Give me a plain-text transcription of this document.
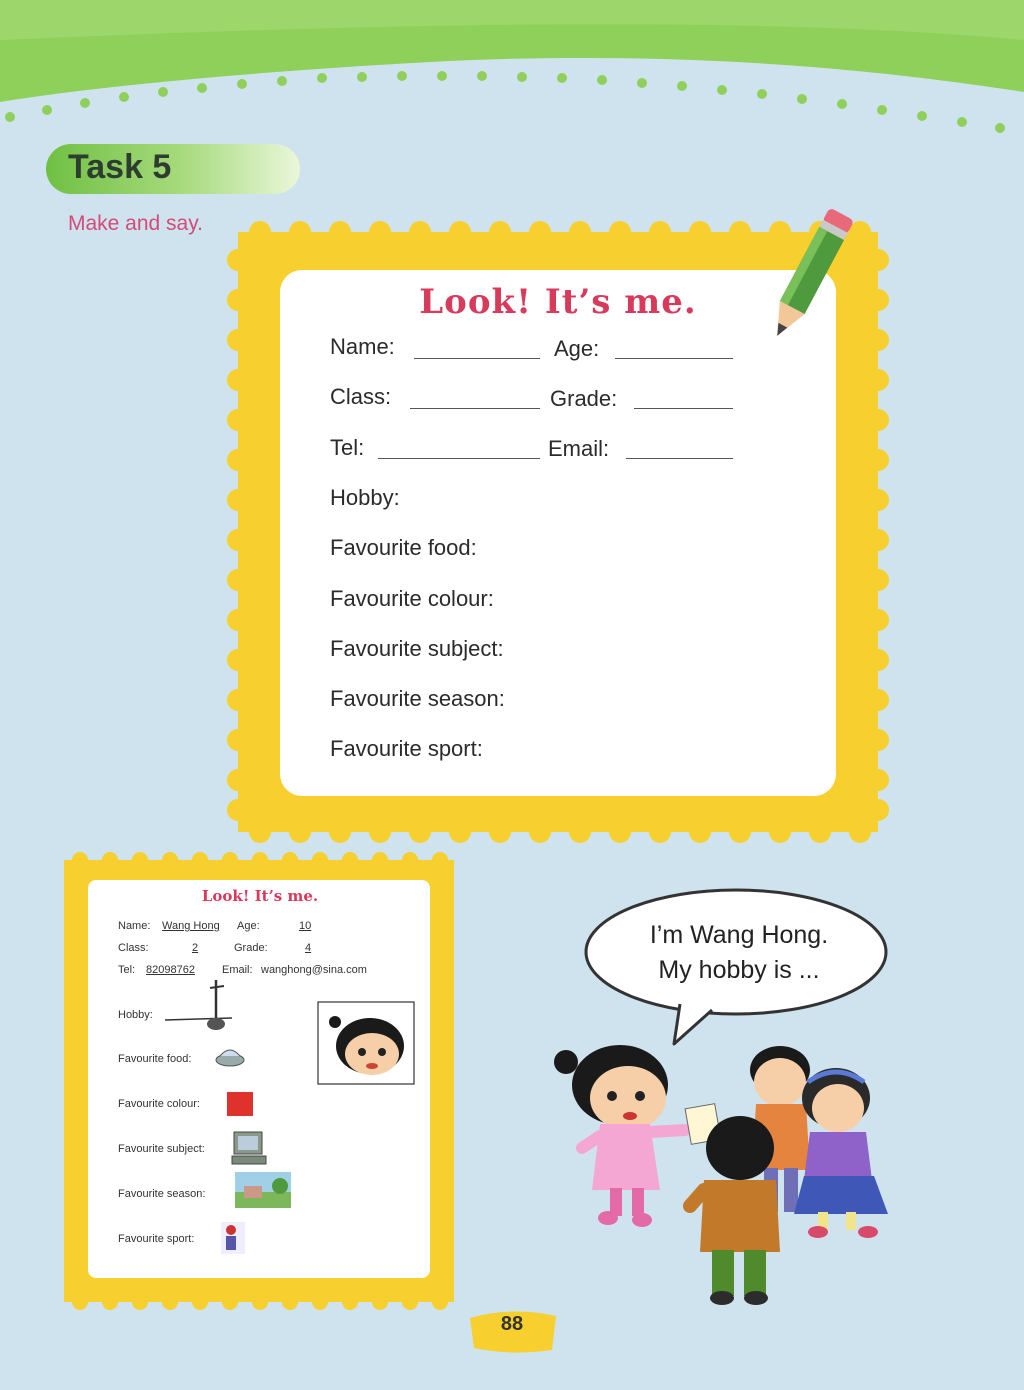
Task 5
Make and say.
Look! It’s me.
Name:	Age:
Class:	Grade:
Tel:	Email:
Hobby:
Favourite food:
Favourite colour:
Favourite subject:
Favourite season:
Favourite sport:
Look! It’s me.
Name: Wang Hong Age:	10
Class:	2	Grade:	4
Tel: 82098762 Email: wanghong@sina.com
Hobby:
Favourite food:
Favourite colour:
Favourite subject:
Favourite season:
Favourite sport:
I’m Wang Hong.
My hobby is ...
88
